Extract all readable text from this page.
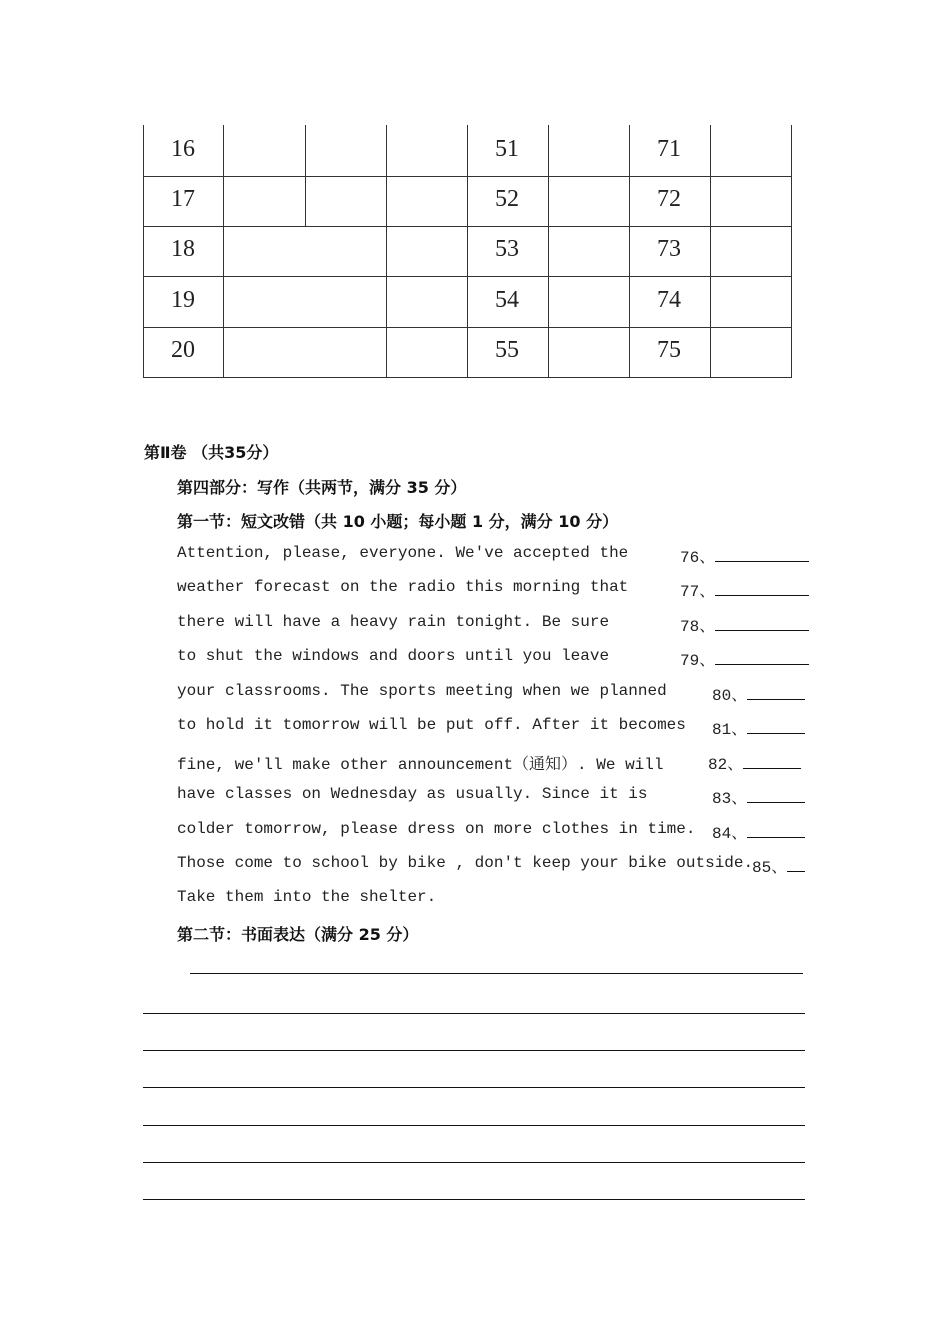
16	51	71
17	52	72
18	53	73
19	54	74
20	55	75
第Ⅱ卷 （共35分）
第四部分：写作（共两节，满分 35 分）
第一节：短文改错（共 10 小题；每小题 1 分，满分 10 分）
Attention, please, everyone. We've accepted the	76、
weather forecast on the radio this morning that	77、
there will have a heavy rain tonight. Be sure	78、
to shut the windows and doors until you leave	79、
your classrooms. The sports meeting when we planned	80、
to hold it tomorrow will be put off. After it becomes 81、
fine, we'll make other announcement（通知）. We will	82、
have classes on Wednesday as usually. Since it is	83、
colder tomorrow, please dress on more clothes in time. 84、
Those come to school by bike , don't keep your bike outside.
85、
Take them into the shelter.
第二节：书面表达（满分 25 分）
